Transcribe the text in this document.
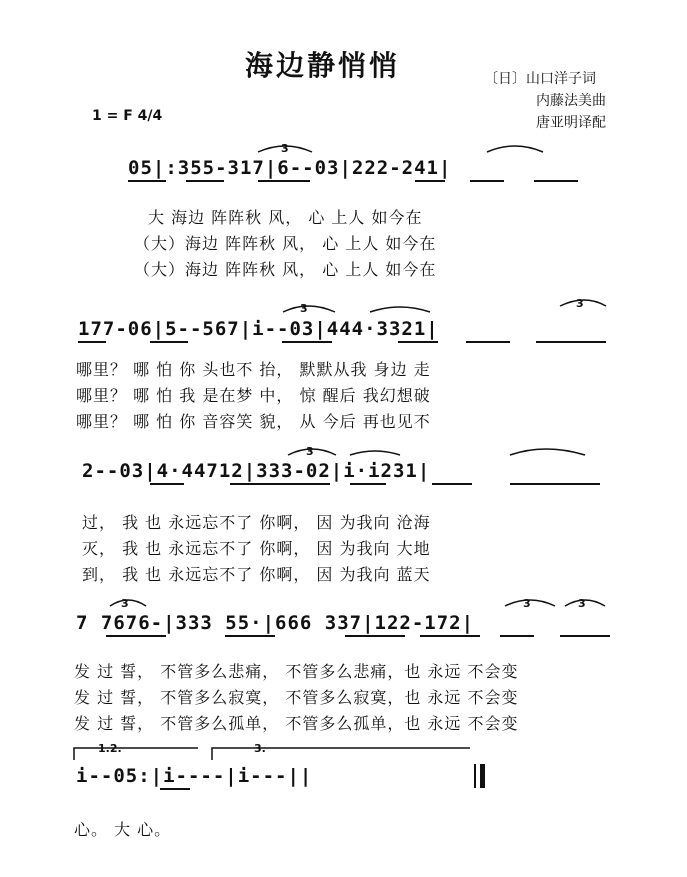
海边静悄悄	〔日〕山口洋子词
内藤法美曲
唐亚明译配
1 = F 4/4
05|:355-317|6--03|222-241|
大 海边 阵阵秋 风， 心 上人 如今在
（大）海边 阵阵秋 风， 心 上人 如今在
（大）海边 阵阵秋 风， 心 上人 如今在
177-06|5--567|i--03|444·3321|
哪里？ 哪 怕 你 头也不 抬， 默默从我 身边 走
哪里？ 哪 怕 我 是在梦 中， 惊 醒后 我幻想破
哪里？ 哪 怕 你 音容笑 貌， 从 今后 再也见不
2--03|4·44712|333-02|i·i231|
过， 我 也 永远忘不了 你啊， 因 为我向 沧海
灭， 我 也 永远忘不了 你啊， 因 为我向 大地
到， 我 也 永远忘不了 你啊， 因 为我向 蓝天
7 7676-|333 55·|666 337|122-172|
发 过 誓， 不管多么悲痛， 不管多么悲痛，也 永远 不会变
发 过 誓， 不管多么寂寞， 不管多么寂寞，也 永远 不会变
发 过 誓， 不管多么孤单， 不管多么孤单，也 永远 不会变
1.2.	3.
i--05:|i----|i---||
心。 大 心。
3
3	3
3
3	3	3
